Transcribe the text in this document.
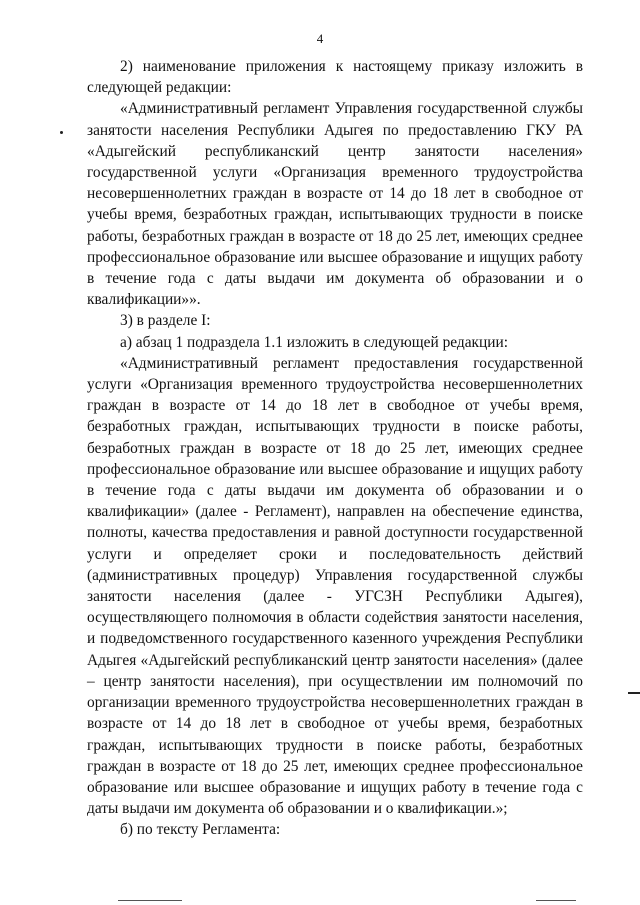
4

2) наименование приложения к настоящему приказу изложить в следующей редакции:

«Административный регламент Управления государственной службы занятости населения Республики Адыгея по предоставлению ГКУ РА «Адыгейский республиканский центр занятости населения» государственной услуги «Организация временного трудоустройства несовершеннолетних граждан в возрасте от 14 до 18 лет в свободное от учебы время, безработных граждан, испытывающих трудности в поиске работы, безработных граждан в возрасте от 18 до 25 лет, имеющих среднее профессиональное образование или высшее образование и ищущих работу в течение года с даты выдачи им документа об образовании и о квалификации»».

3) в разделе I:

а) абзац 1 подраздела 1.1 изложить в следующей редакции:

«Административный регламент предоставления государственной услуги «Организация временного трудоустройства несовершеннолетних граждан в возрасте от 14 до 18 лет в свободное от учебы время, безработных граждан, испытывающих трудности в поиске работы, безработных граждан в возрасте от 18 до 25 лет, имеющих среднее профессиональное образование или высшее образование и ищущих работу в течение года с даты выдачи им документа об образовании и о квалификации» (далее - Регламент), направлен на обеспечение единства, полноты, качества предоставления и равной доступности государственной услуги и определяет сроки и последовательность действий (административных процедур) Управления государственной службы занятости населения (далее - УГСЗН Республики Адыгея), осуществляющего полномочия в области содействия занятости населения, и подведомственного государственного казенного учреждения Республики Адыгея «Адыгейский республиканский центр занятости населения» (далее – центр занятости населения), при осуществлении им полномочий по организации временного трудоустройства несовершеннолетних граждан в возрасте от 14 до 18 лет в свободное от учебы время, безработных граждан, испытывающих трудности в поиске работы, безработных граждан в возрасте от 18 до 25 лет, имеющих среднее профессиональное образование или высшее образование и ищущих работу в течение года с даты выдачи им документа об образовании и о квалификации.»;

б) по тексту Регламента:
